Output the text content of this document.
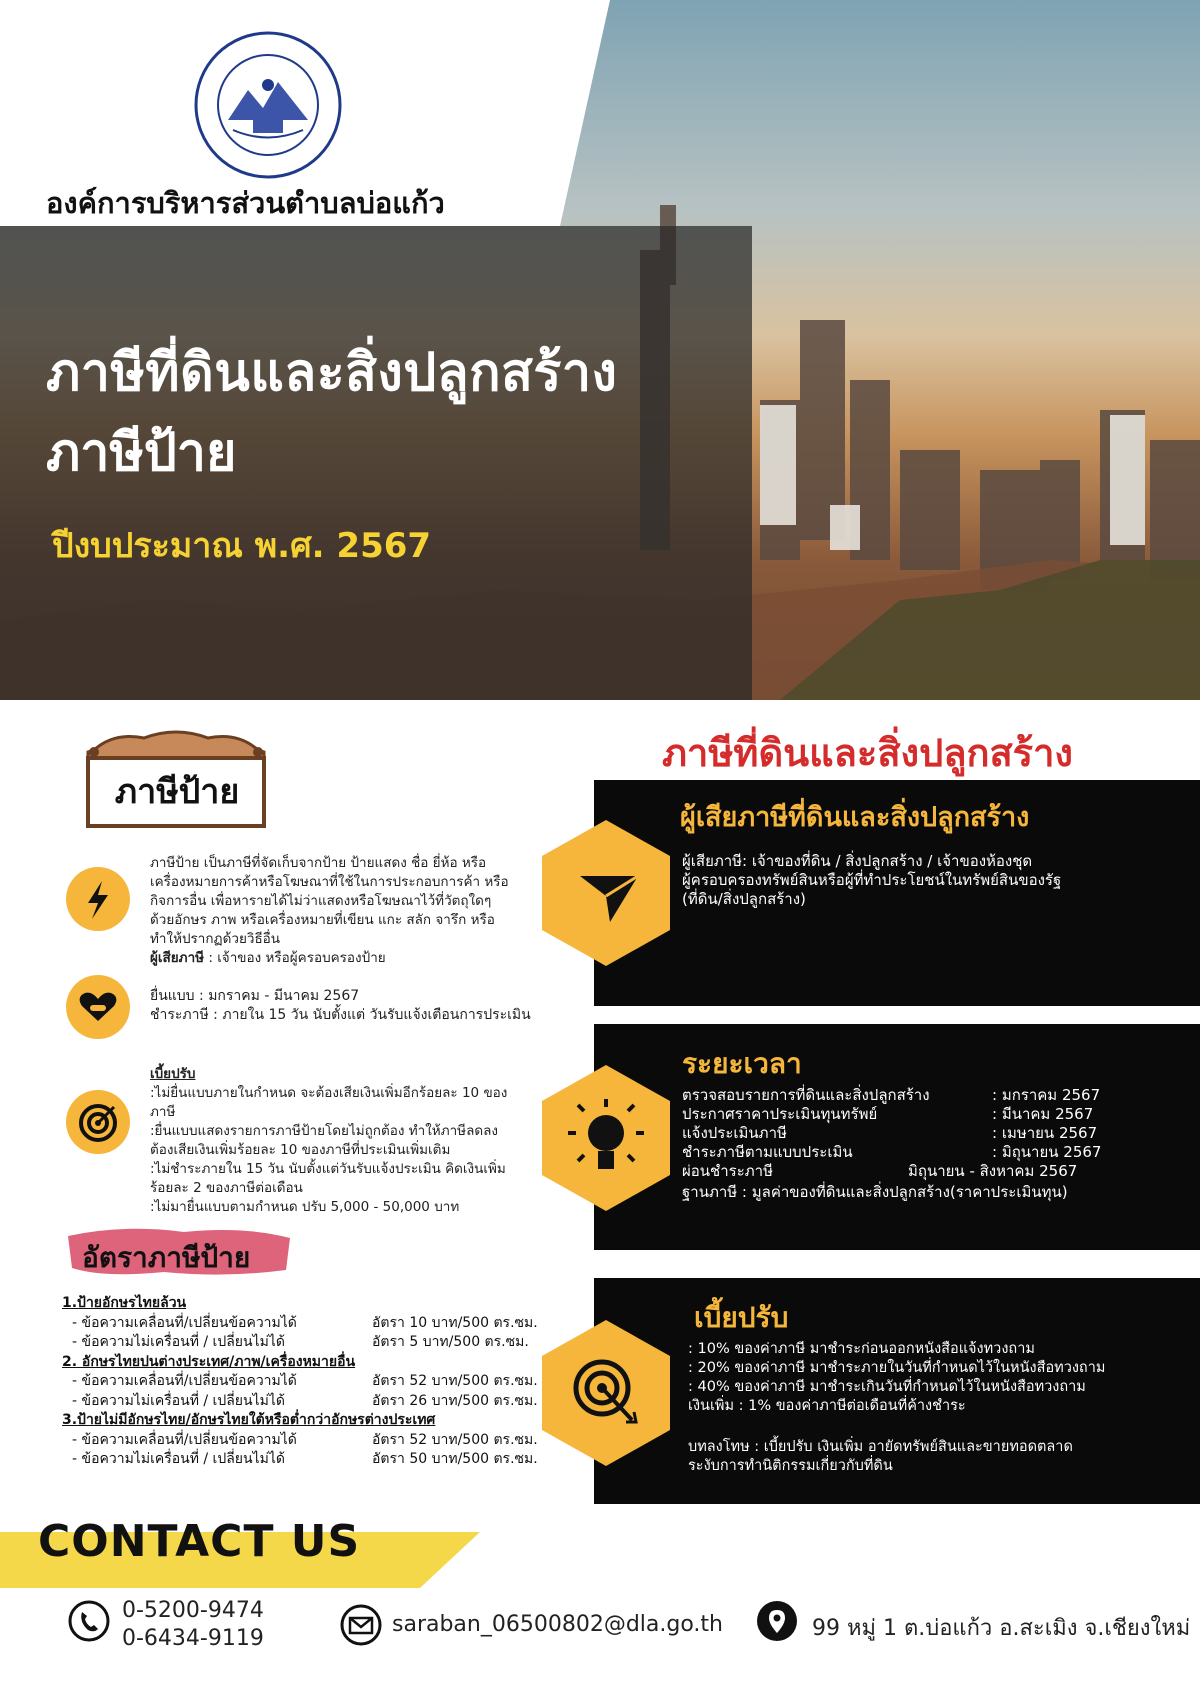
องค์การบริหารส่วนตำบลบ่อแก้ว
ภาษีที่ดินและสิ่งปลูกสร้าง
ภาษีป้าย
ปีงบประมาณ พ.ศ. 2567
ภาษีป้าย
ภาษีป้าย เป็นภาษีที่จัดเก็บจากป้าย ป้ายแสดง ชื่อ ยี่ห้อ หรือ
เครื่องหมายการค้าหรือโฆษณาที่ใช้ในการประกอบการค้า หรือ
กิจการอื่น เพื่อหารายได้ไม่ว่าแสดงหรือโฆษณาไว้ที่วัตถุใดๆ
ด้วยอักษร ภาพ หรือเครื่องหมายที่เขียน แกะ สลัก จารึก หรือ
ทำให้ปรากฏด้วยวิธีอื่น
ผู้เสียภาษี : เจ้าของ หรือผู้ครอบครองป้าย
ยื่นแบบ : มกราคม - มีนาคม 2567
ชำระภาษี : ภายใน 15 วัน นับตั้งแต่ วันรับแจ้งเตือนการประเมิน
เบี้ยปรับ
:ไม่ยื่นแบบภายในกำหนด จะต้องเสียเงินเพิ่มอีกร้อยละ 10 ของ
ภาษี
:ยื่นแบบแสดงรายการภาษีป้ายโดยไม่ถูกต้อง ทำให้ภาษีลดลง
ต้องเสียเงินเพิ่มร้อยละ 10 ของภาษีที่ประเมินเพิ่มเติม
:ไม่ชำระภายใน 15 วัน นับตั้งแต่วันรับแจ้งประเมิน คิดเงินเพิ่ม
ร้อยละ 2 ของภาษีต่อเดือน
:ไม่มายื่นแบบตามกำหนด ปรับ 5,000 - 50,000 บาท
อัตราภาษีป้าย
1.ป้ายอักษรไทยล้วน
- ข้อความเคลื่อนที่/เปลี่ยนข้อความได้	อัตรา 10 บาท/500 ตร.ซม.
- ข้อความไม่เครื่อนที่ / เปลี่ยนไม่ได้	อัตรา 5 บาท/500 ตร.ซม.
2. อักษรไทยปนต่างประเทศ/ภาพ/เครื่องหมายอื่น
- ข้อความเคลื่อนที่/เปลี่ยนข้อความได้	อัตรา 52 บาท/500 ตร.ซม.
- ข้อความไม่เครื่อนที่ / เปลี่ยนไม่ได้	อัตรา 26 บาท/500 ตร.ซม.
3.ป้ายไม่มีอักษรไทย/อักษรไทยใต้หรือต่ำกว่าอักษรต่างประเทศ
- ข้อความเคลื่อนที่/เปลี่ยนข้อความได้	อัตรา 52 บาท/500 ตร.ซม.
- ข้อความไม่เครื่อนที่ / เปลี่ยนไม่ได้	อัตรา 50 บาท/500 ตร.ซม.
ภาษีที่ดินและสิ่งปลูกสร้าง
ผู้เสียภาษีที่ดินและสิ่งปลูกสร้าง
ผู้เสียภาษี: เจ้าของที่ดิน / สิ่งปลูกสร้าง / เจ้าของห้องชุด
ผู้ครอบครองทรัพย์สินหรือผู้ที่ทำประโยชน์ในทรัพย์สินของรัฐ
(ที่ดิน/สิ่งปลูกสร้าง)
ระยะเวลา
ตรวจสอบรายการที่ดินและสิ่งปลูกสร้าง	: มกราคม 2567
ประกาศราคาประเมินทุนทรัพย์	: มีนาคม 2567
แจ้งประเมินภาษี	: เมษายน 2567
ชำระภาษีตามแบบประเมิน	: มิถุนายน 2567
ผ่อนชำระภาษี	มิถุนายน - สิงหาคม 2567
ฐานภาษี : มูลค่าของที่ดินและสิ่งปลูกสร้าง(ราคาประเมินทุน)
เบี้ยปรับ
: 10% ของค่าภาษี มาชำระก่อนออกหนังสือแจ้งทวงถาม
: 20% ของค่าภาษี มาชำระภายในวันที่กำหนดไว้ในหนังสือทวงถาม
: 40% ของค่าภาษี มาชำระเกินวันที่กำหนดไว้ในหนังสือทวงถาม
เงินเพิ่ม : 1% ของค่าภาษีต่อเดือนที่ค้างชำระ
บทลงโทษ : เบี้ยปรับ เงินเพิ่ม อายัดทรัพย์สินและขายทอดตลาด
ระงับการทำนิติกรรมเกี่ยวกับที่ดิน
CONTACT US
0-5200-9474
0-6434-9119
saraban_06500802@dla.go.th	99 หมู่ 1 ต.บ่อแก้ว อ.สะเมิง จ.เชียงใหม่
